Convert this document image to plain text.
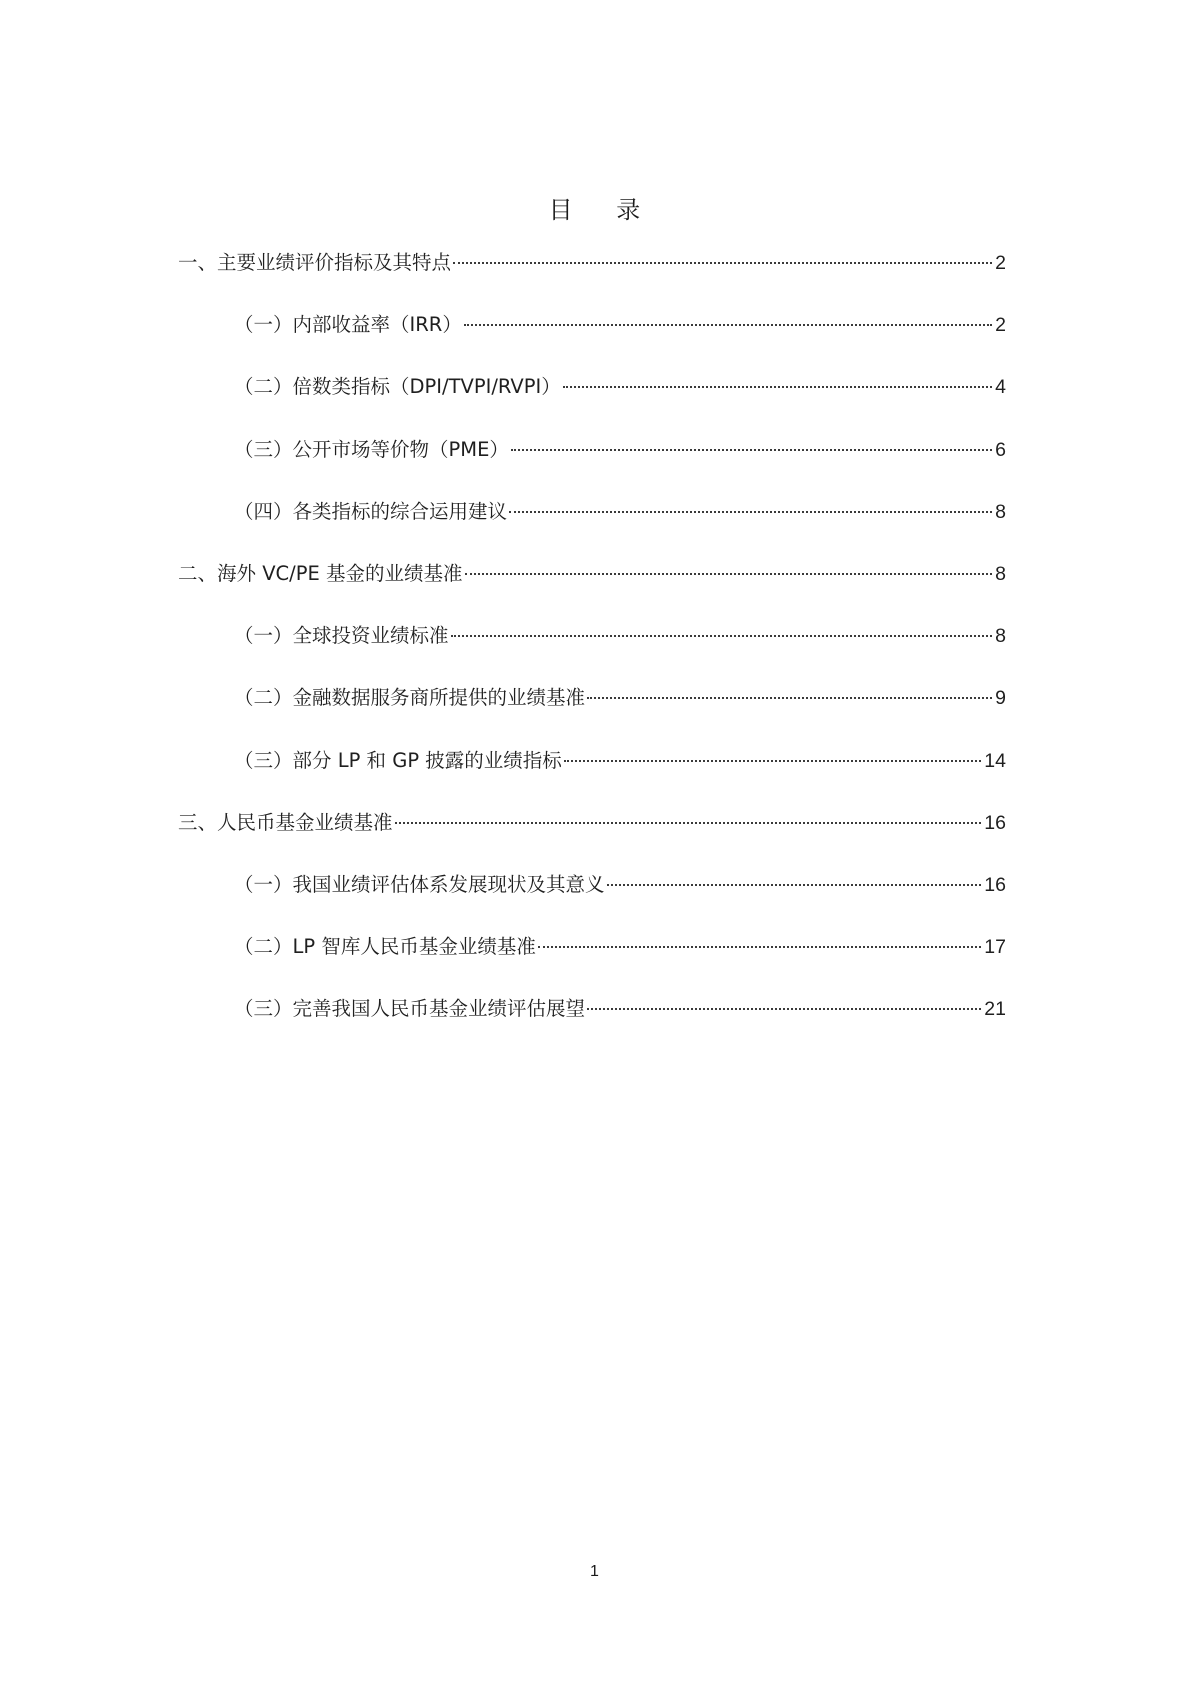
目 录
一、主要业绩评价指标及其特点	2
（一）内部收益率（IRR）	2
（二）倍数类指标（DPI/TVPI/RVPI）	4
（三）公开市场等价物（PME）	6
（四）各类指标的综合运用建议	8
二、海外 VC/PE 基金的业绩基准	8
（一）全球投资业绩标准	8
（二）金融数据服务商所提供的业绩基准	9
（三）部分 LP 和 GP 披露的业绩指标	14
三、人民币基金业绩基准	16
（一）我国业绩评估体系发展现状及其意义	16
（二）LP 智库人民币基金业绩基准	17
（三）完善我国人民币基金业绩评估展望	21
1
